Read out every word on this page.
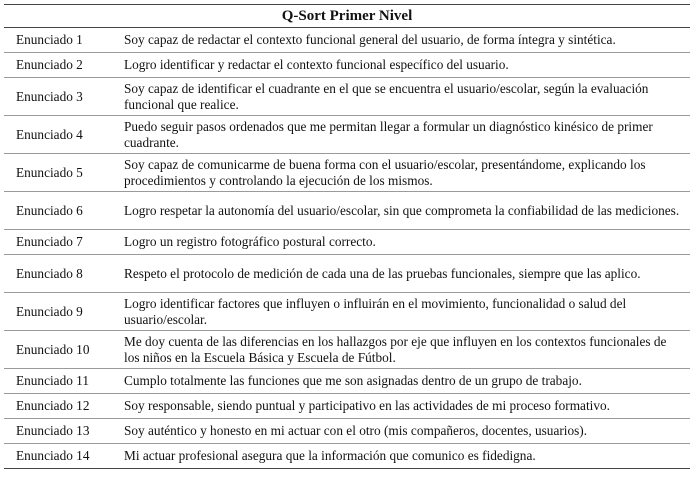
Q-Sort Primer Nivel	
Enunciado 1	Soy capaz de redactar el contexto funcional general del usuario, de forma íntegra y sintética.
Enunciado 2	Logro identificar y redactar el contexto funcional específico del usuario.
Enunciado 3	Soy capaz de identificar el cuadrante en el que se encuentra el usuario/escolar, según la evaluación funcional que realice.
Enunciado 4	Puedo seguir pasos ordenados que me permitan llegar a formular un diagnóstico kinésico de primer cuadrante.
Enunciado 5	Soy capaz de comunicarme de buena forma con el usuario/escolar, presentándome, explicando los procedimientos y controlando la ejecución de los mismos.
Enunciado 6	Logro respetar la autonomía del usuario/escolar, sin que comprometa la confiabilidad de las mediciones.
Enunciado 7	Logro un registro fotográfico postural correcto.
Enunciado 8	Respeto el protocolo de medición de cada una de las pruebas funcionales, siempre que las aplico.
Enunciado 9	Logro identificar factores que influyen o influirán en el movimiento, funcionalidad o salud del usuario/escolar.
Enunciado 10	Me doy cuenta de las diferencias en los hallazgos por eje que influyen en los contextos funcionales de los niños en la Escuela Básica y Escuela de Fútbol.
Enunciado 11	Cumplo totalmente las funciones que me son asignadas dentro de un grupo de trabajo.
Enunciado 12	Soy responsable, siendo puntual y participativo en las actividades de mi proceso formativo.
Enunciado 13	Soy auténtico y honesto en mi actuar con el otro (mis compañeros, docentes, usuarios).
Enunciado 14	Mi actuar profesional asegura que la información que comunico es fidedigna.
